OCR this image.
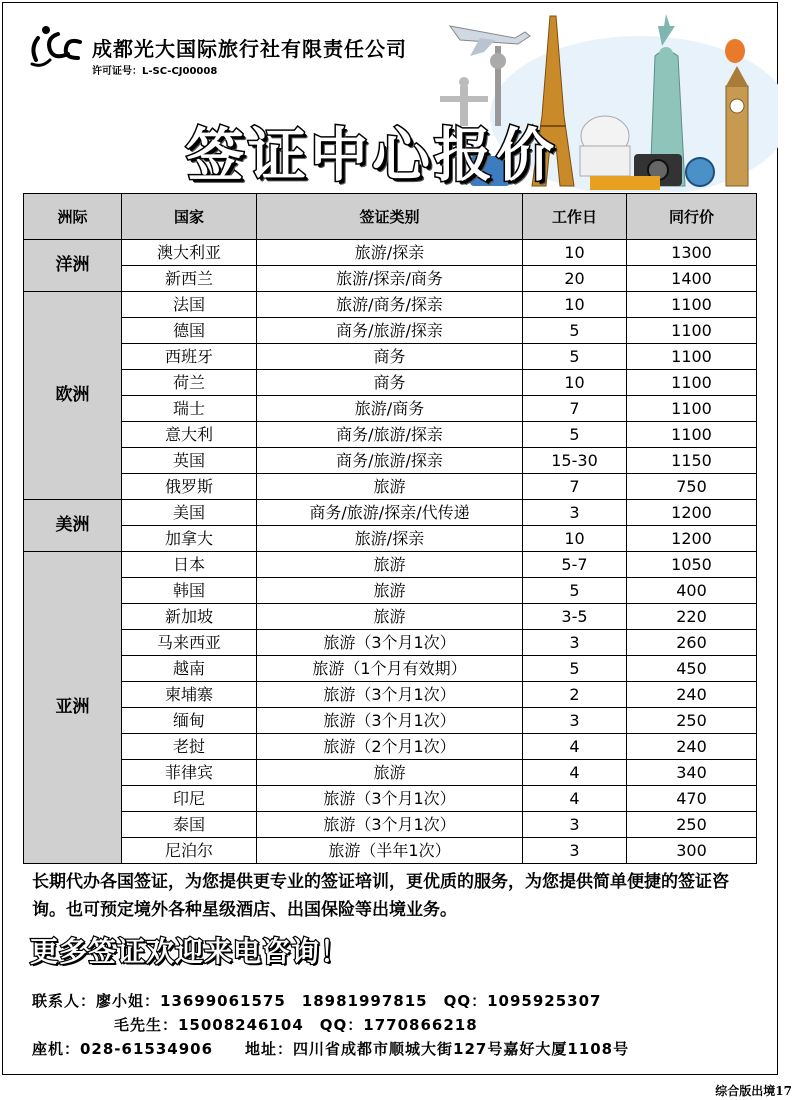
成都光大国际旅行社有限责任公司
许可证号：L-SC-CJ00008
签证中心报价
洲际	国家	签证类别	工作日	同行价
洋洲	澳大利亚	旅游/探亲	10	1300
	新西兰	旅游/探亲/商务	20	1400
欧洲	法国	旅游/商务/探亲	10	1100
	德国	商务/旅游/探亲	5	1100
	西班牙	商务	5	1100
	荷兰	商务	10	1100
	瑞士	旅游/商务	7	1100
	意大利	商务/旅游/探亲	5	1100
	英国	商务/旅游/探亲	15-30	1150
	俄罗斯	旅游	7	750
美洲	美国	商务/旅游/探亲/代传递	3	1200
	加拿大	旅游/探亲	10	1200
亚洲	日本	旅游	5-7	1050
	韩国	旅游	5	400
	新加坡	旅游	3-5	220
	马来西亚	旅游（3个月1次）	3	260
	越南	旅游（1个月有效期）	5	450
	柬埔寨	旅游（3个月1次）	2	240
	缅甸	旅游（3个月1次）	3	250
	老挝	旅游（2个月1次）	4	240
	菲律宾	旅游	4	340
	印尼	旅游（3个月1次）	4	470
	泰国	旅游（3个月1次）	3	250
	尼泊尔	旅游（半年1次）	3	300
长期代办各国签证，为您提供更专业的签证培训，更优质的服务，为您提供简单便捷的签证咨询。也可预定境外各种星级酒店、出国保险等出境业务。
更多签证欢迎来电咨询！
联系人：廖小姐：13699061575　18981997815　QQ：1095925307
毛先生：15008246104　QQ：1770866218
座机：028-61534906　　地址：四川省成都市顺城大街127号嘉好大厦1108号
综合版出境17
